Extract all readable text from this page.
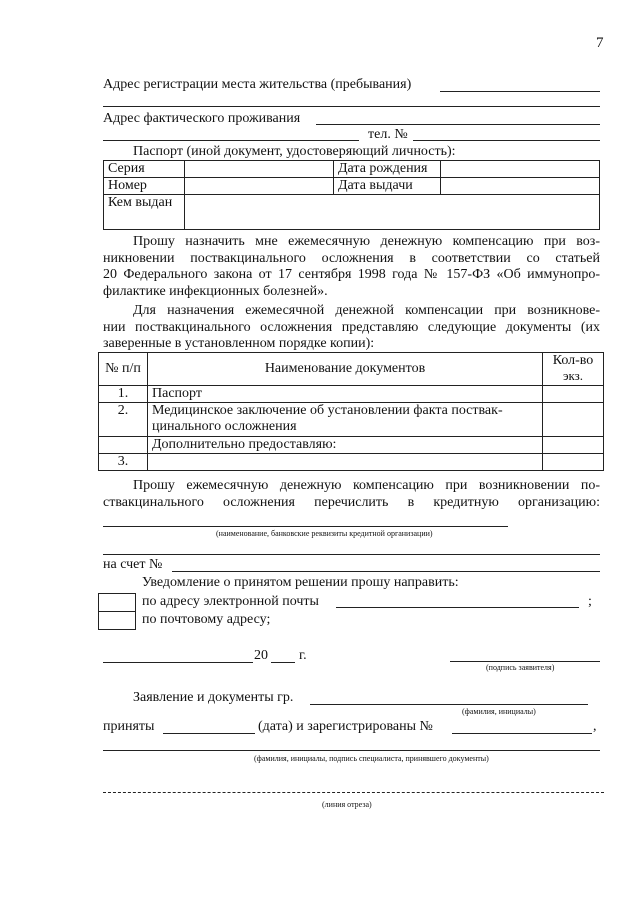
7
Адрес регистрации места жительства (пребывания)
Адрес фактического проживания
тел. №
Паспорт (иной документ, удостоверяющий личность):
Серия		Дата рождения	
Номер		Дата выдачи	
Кем выдан			
Прошу назначить мне ежемесячную денежную компенсацию при воз-
никновении поствакцинального осложнения в соответствии со статьей
20 Федерального закона от 17 сентября 1998 года № 157-ФЗ «Об иммунопро-
филактике инфекционных болезней».
Для назначения ежемесячной денежной компенсации при возникнове-
нии поствакцинального осложнения представляю следующие документы (их
заверенные в установленном порядке копии):
№ п/п	Наименование документов	Кол-во
экз.
1.	Паспорт	
2.	Медицинское заключение об установлении факта поствак-
цинального осложнения	
	Дополнительно предоставляю:	
3.		
Прошу ежемесячную денежную компенсацию при возникновении по-
ствакцинального осложнения перечислить в кредитную организацию:
(наименование, банковские реквизиты кредитной организации)
на счет №
Уведомление о принятом решении прошу направить:
по адресу электронной почты	;
по почтовому адресу;
20 г.
(подпись заявителя)
Заявление и документы гр.
(фамилия, инициалы)
приняты	(дата) и зарегистрированы №	,
(фамилия, инициалы, подпись специалиста, принявшего документы)
(линия отреза)
